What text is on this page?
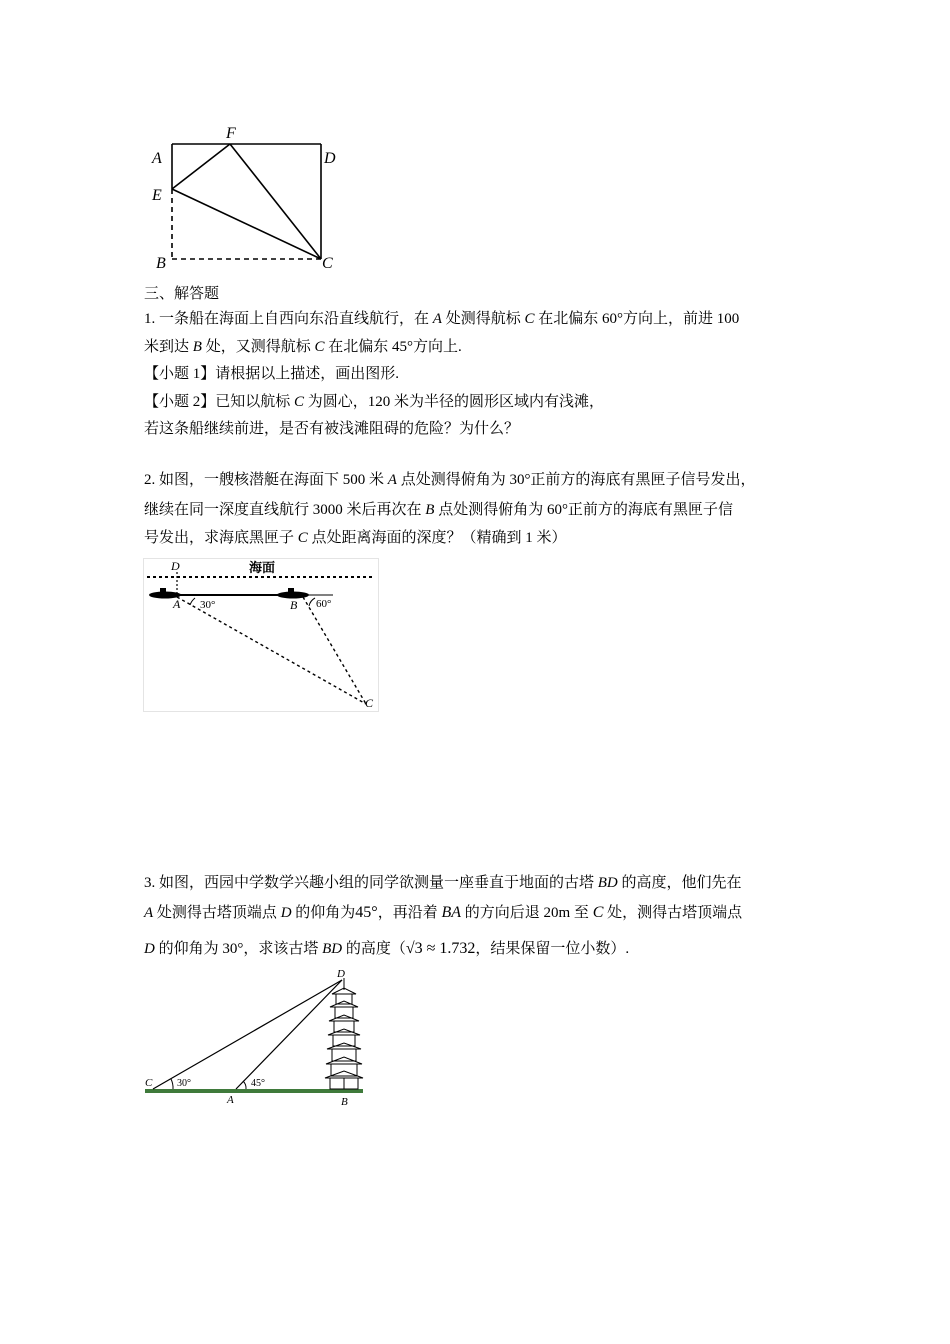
A
E
B
F
D
C
三、解答题
1. 一条船在海面上自西向东沿直线航行，在 A 处测得航标 C 在北偏东 60°方向上，前进 100
米到达 B 处，又测得航标 C 在北偏东 45°方向上.
【小题 1】请根据以上描述，画出图形.
【小题 2】已知以航标 C 为圆心，120 米为半径的圆形区域内有浅滩，
若这条船继续前进，是否有被浅滩阻碍的危险？为什么？
2. 如图，一艘核潜艇在海面下 500 米 A 点处测得俯角为 30°正前方的海底有黑匣子信号发出，
继续在同一深度直线航行 3000 米后再次在 B 点处测得俯角为 60°正前方的海底有黑匣子信
号发出，求海底黑匣子 C 点处距离海面的深度？（精确到 1 米）
海面
D
A	B
C
30°	60°
3. 如图，西园中学数学兴趣小组的同学欲测量一座垂直于地面的古塔 BD 的高度，他们先在
A 处测得古塔顶端点 D 的仰角为45°，再沿着 BA 的方向后退 20m 至 C 处，测得古塔顶端点
D 的仰角为 30°，求该古塔 BD 的高度（√3 ≈ 1.732，结果保留一位小数）.
D
C
A	B
30°	45°
